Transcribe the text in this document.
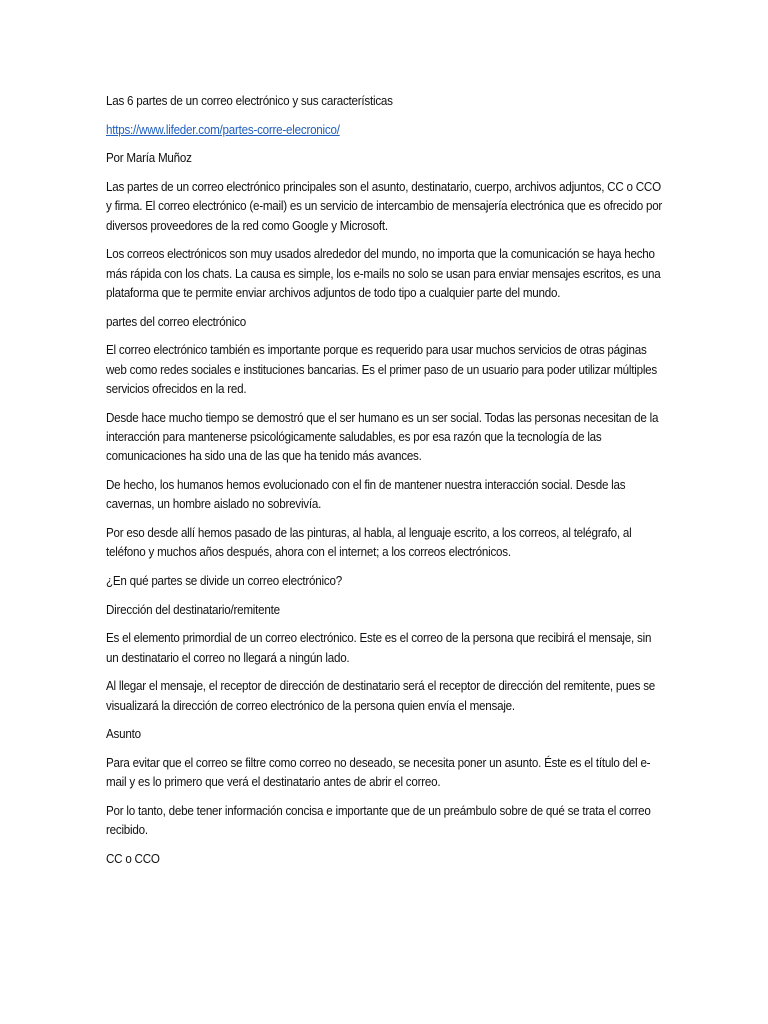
Las 6 partes de un correo electrónico y sus características

https://www.lifeder.com/partes-corre-elecronico/

Por María Muñoz

Las partes de un correo electrónico principales son el asunto, destinatario, cuerpo, archivos adjuntos, CC o CCO y firma. El correo electrónico (e-mail) es un servicio de intercambio de mensajería electrónica que es ofrecido por diversos proveedores de la red como Google y Microsoft.

Los correos electrónicos son muy usados alrededor del mundo, no importa que la comunicación se haya hecho más rápida con los chats. La causa es simple, los e-mails no solo se usan para enviar mensajes escritos, es una plataforma que te permite enviar archivos adjuntos de todo tipo a cualquier parte del mundo.

partes del correo electrónico

El correo electrónico también es importante porque es requerido para usar muchos servicios de otras páginas web como redes sociales e instituciones bancarias. Es el primer paso de un usuario para poder utilizar múltiples servicios ofrecidos en la red.

Desde hace mucho tiempo se demostró que el ser humano es un ser social. Todas las personas necesitan de la interacción para mantenerse psicológicamente saludables, es por esa razón que la tecnología de las comunicaciones ha sido una de las que ha tenido más avances.

De hecho, los humanos hemos evolucionado con el fin de mantener nuestra interacción social. Desde las cavernas, un hombre aislado no sobrevivía.

Por eso desde allí hemos pasado de las pinturas, al habla, al lenguaje escrito, a los correos, al telégrafo, al teléfono y muchos años después, ahora con el internet; a los correos electrónicos.

¿En qué partes se divide un correo electrónico?

Dirección del destinatario/remitente

Es el elemento primordial de un correo electrónico. Este es el correo de la persona que recibirá el mensaje, sin un destinatario el correo no llegará a ningún lado.

Al llegar el mensaje, el receptor de dirección de destinatario será el receptor de dirección del remitente, pues se visualizará la dirección de correo electrónico de la persona quien envía el mensaje.

Asunto

Para evitar que el correo se filtre como correo no deseado, se necesita poner un asunto. Éste es el título del e-mail y es lo primero que verá el destinatario antes de abrir el correo.

Por lo tanto, debe tener información concisa e importante que de un preámbulo sobre de qué se trata el correo recibido.

CC o CCO
